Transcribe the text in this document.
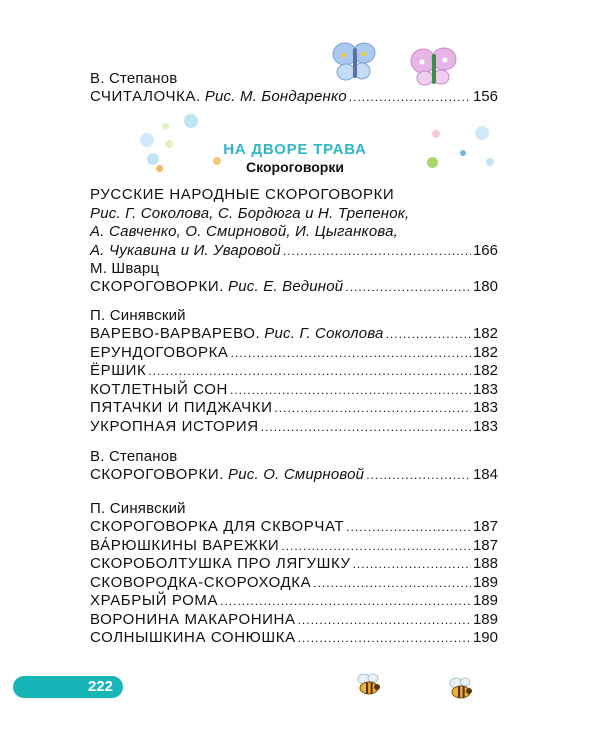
В. Степанов
СЧИТАЛОЧКА. Рис. М. Бондаренко .....	156
НА ДВОРЕ ТРАВА
Скороговорки
РУССКИЕ НАРОДНЫЕ СКОРОГОВОРКИ
Рис. Г. Соколова, С. Бордюга и Н. Трепенок,
А. Савченко, О. Смирновой, И. Цыганкова,
А. Чукавина и И. Уваровой .....	166
М. Шварц
СКОРОГОВОРКИ. Рис. Е. Вединой .....	180
П. Синявский
ВАРЕВО-ВАРВАРЕВО. Рис. Г. Соколова .....	182
ЕРУНДОГОВОРКА .....	182
ЁРШИК .....	182
КОТЛЕТНЫЙ СОН .....	183
ПЯТАЧКИ И ПИДЖАЧКИ .....	183
УКРОПНАЯ ИСТОРИЯ .....	183
В. Степанов
СКОРОГОВОРКИ. Рис. О. Смирновой .....	184
П. Синявский
СКОРОГОВОРКА ДЛЯ СКВОРЧАТ .....	187
ВА́РЮШКИНЫ ВАРЕЖКИ .....	187
СКОРОБОЛТУШКА ПРО ЛЯГУШКУ .....	188
СКОВОРОДКА-СКОРОХОДКА .....	189
ХРАБРЫЙ РОМА .....	189
ВОРОНИНА МАКАРОНИНА .....	189
СОЛНЫШКИНА СОНЮШКА .....	190
222
